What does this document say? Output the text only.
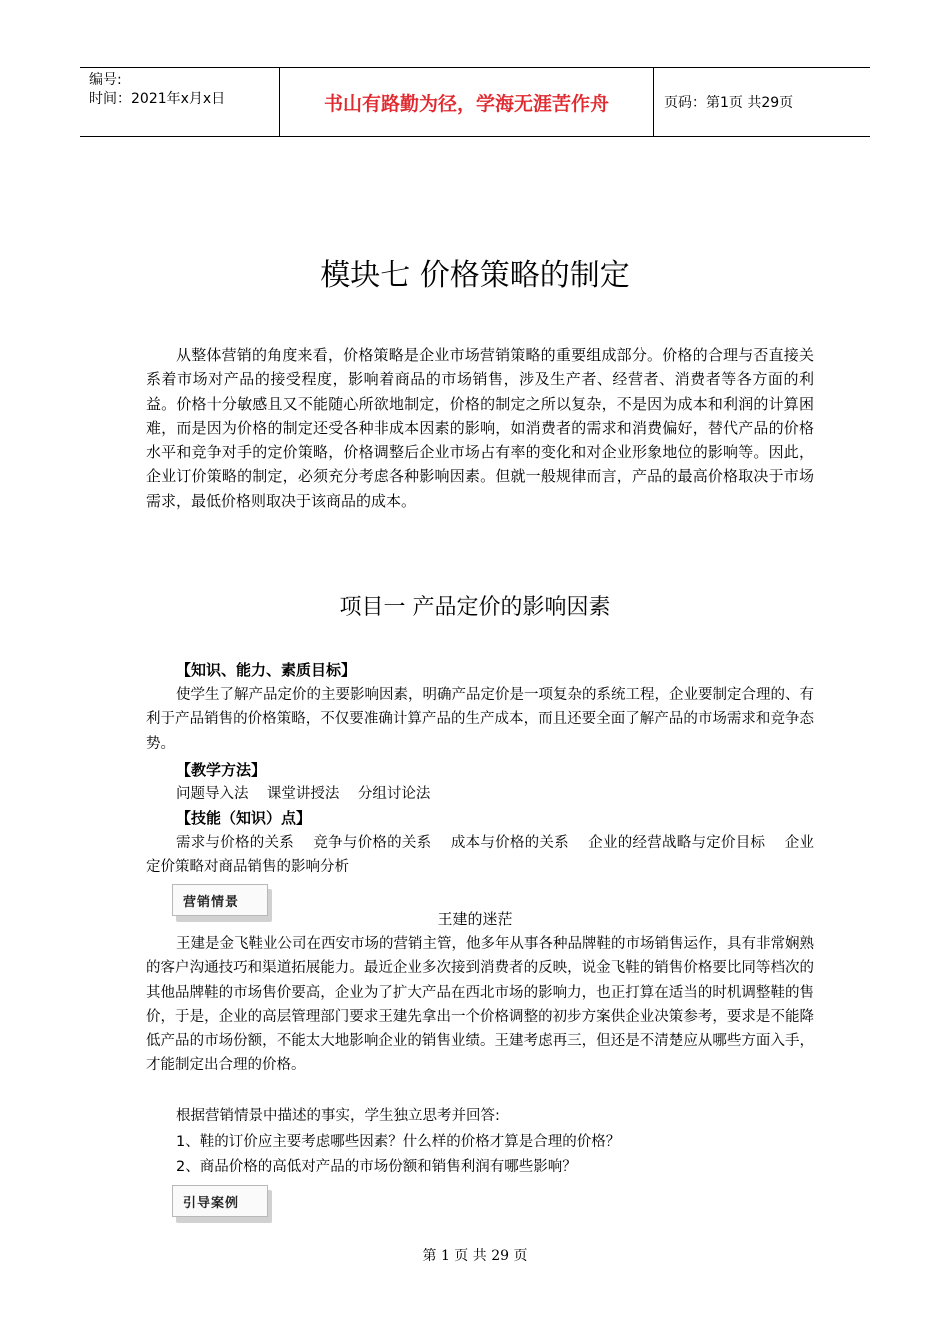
编号:
时间：2021年x月x日	书山有路勤为径，学海无涯苦作舟	页码：第1页 共29页
模块七 价格策略的制定

从整体营销的角度来看，价格策略是企业市场营销策略的重要组成部分。价格的合理与否直接关系着市场对产品的接受程度，影响着商品的市场销售，涉及生产者、经营者、消费者等各方面的利益。价格十分敏感且又不能随心所欲地制定，价格的制定之所以复杂，不是因为成本和利润的计算困难，而是因为价格的制定还受各种非成本因素的影响，如消费者的需求和消费偏好，替代产品的价格水平和竞争对手的定价策略，价格调整后企业市场占有率的变化和对企业形象地位的影响等。因此，企业订价策略的制定，必须充分考虑各种影响因素。但就一般规律而言，产品的最高价格取决于市场需求，最低价格则取决于该商品的成本。

项目一 产品定价的影响因素

【知识、能力、素质目标】

使学生了解产品定价的主要影响因素，明确产品定价是一项复杂的系统工程，企业要制定合理的、有利于产品销售的价格策略，不仅要准确计算产品的生产成本，而且还要全面了解产品的市场需求和竞争态势。

【教学方法】

问题导入法    课堂讲授法    分组讨论法

【技能（知识）点】

需求与价格的关系    竞争与价格的关系    成本与价格的关系    企业的经营战略与定价目标    企业定价策略对商品销售的影响分析

营销情景
王建的迷茫

王建是金飞鞋业公司在西安市场的营销主管，他多年从事各种品牌鞋的市场销售运作，具有非常娴熟的客户沟通技巧和渠道拓展能力。最近企业多次接到消费者的反映，说金飞鞋的销售价格要比同等档次的其他品牌鞋的市场售价要高，企业为了扩大产品在西北市场的影响力，也正打算在适当的时机调整鞋的售价，于是，企业的高层管理部门要求王建先拿出一个价格调整的初步方案供企业决策参考，要求是不能降低产品的市场份额，不能太大地影响企业的销售业绩。王建考虑再三，但还是不清楚应从哪些方面入手，才能制定出合理的价格。

根据营销情景中描述的事实，学生独立思考并回答:

1、鞋的订价应主要考虑哪些因素？什么样的价格才算是合理的价格？

2、商品价格的高低对产品的市场份额和销售利润有哪些影响？

引导案例
第 1 页 共 29 页
